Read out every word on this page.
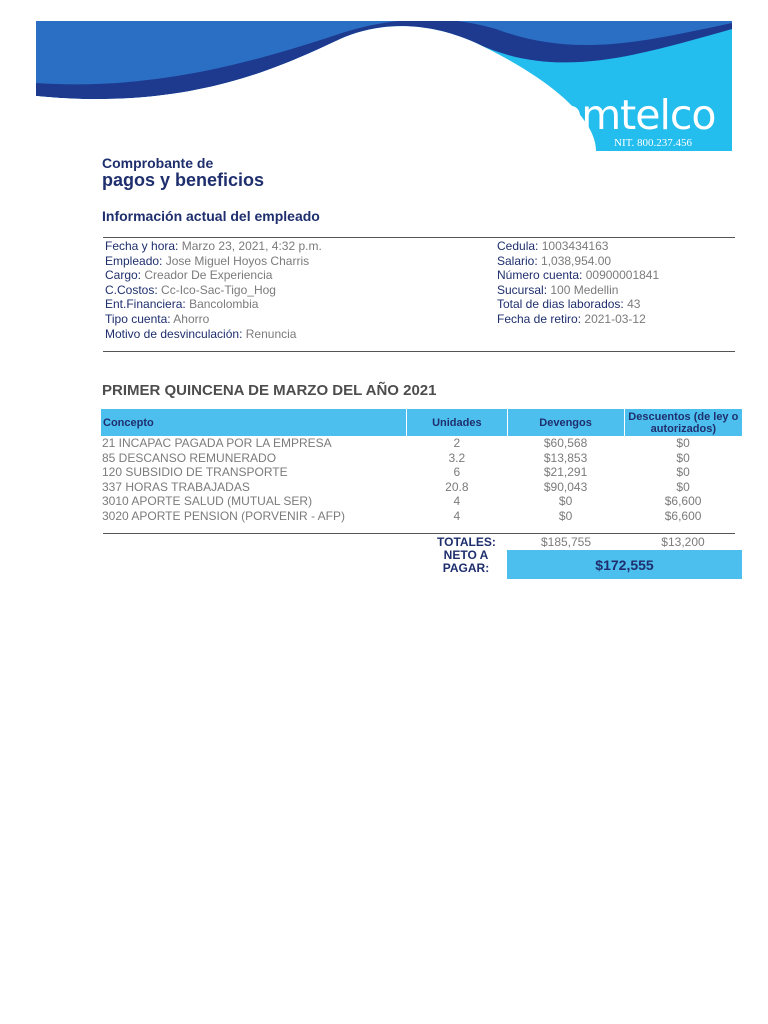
emtelco
NIT. 800.237.456
Comprobante de
pagos y beneficios
Información actual del empleado
Fecha y hora: Marzo 23, 2021, 4:32 p.m.
Empleado: Jose Miguel Hoyos Charris
Cargo: Creador De Experiencia
C.Costos: Cc-Ico-Sac-Tigo_Hog
Ent.Financiera: Bancolombia
Tipo cuenta: Ahorro
Motivo de desvinculación: Renuncia
Cedula: 1003434163
Salario: 1,038,954.00
Número cuenta: 00900001841
Sucursal: 100 Medellin
Total de dias laborados: 43
Fecha de retiro: 2021-03-12
PRIMER QUINCENA DE MARZO DEL AÑO 2021
Concepto	Unidades	Devengos	Descuentos (de ley o autorizados)
21 INCAPAC PAGADA POR LA EMPRESA	2	$60,568	$0
85 DESCANSO REMUNERADO	3.2	$13,853	$0
120 SUBSIDIO DE TRANSPORTE	6	$21,291	$0
337 HORAS TRABAJADAS	20.8	$90,043	$0
3010 APORTE SALUD (MUTUAL SER)	4	$0	$6,600
3020 APORTE PENSION (PORVENIR - AFP)	4	$0	$6,600
TOTALES:	$185,755	$13,200
NETO A
PAGAR:	$172,555
